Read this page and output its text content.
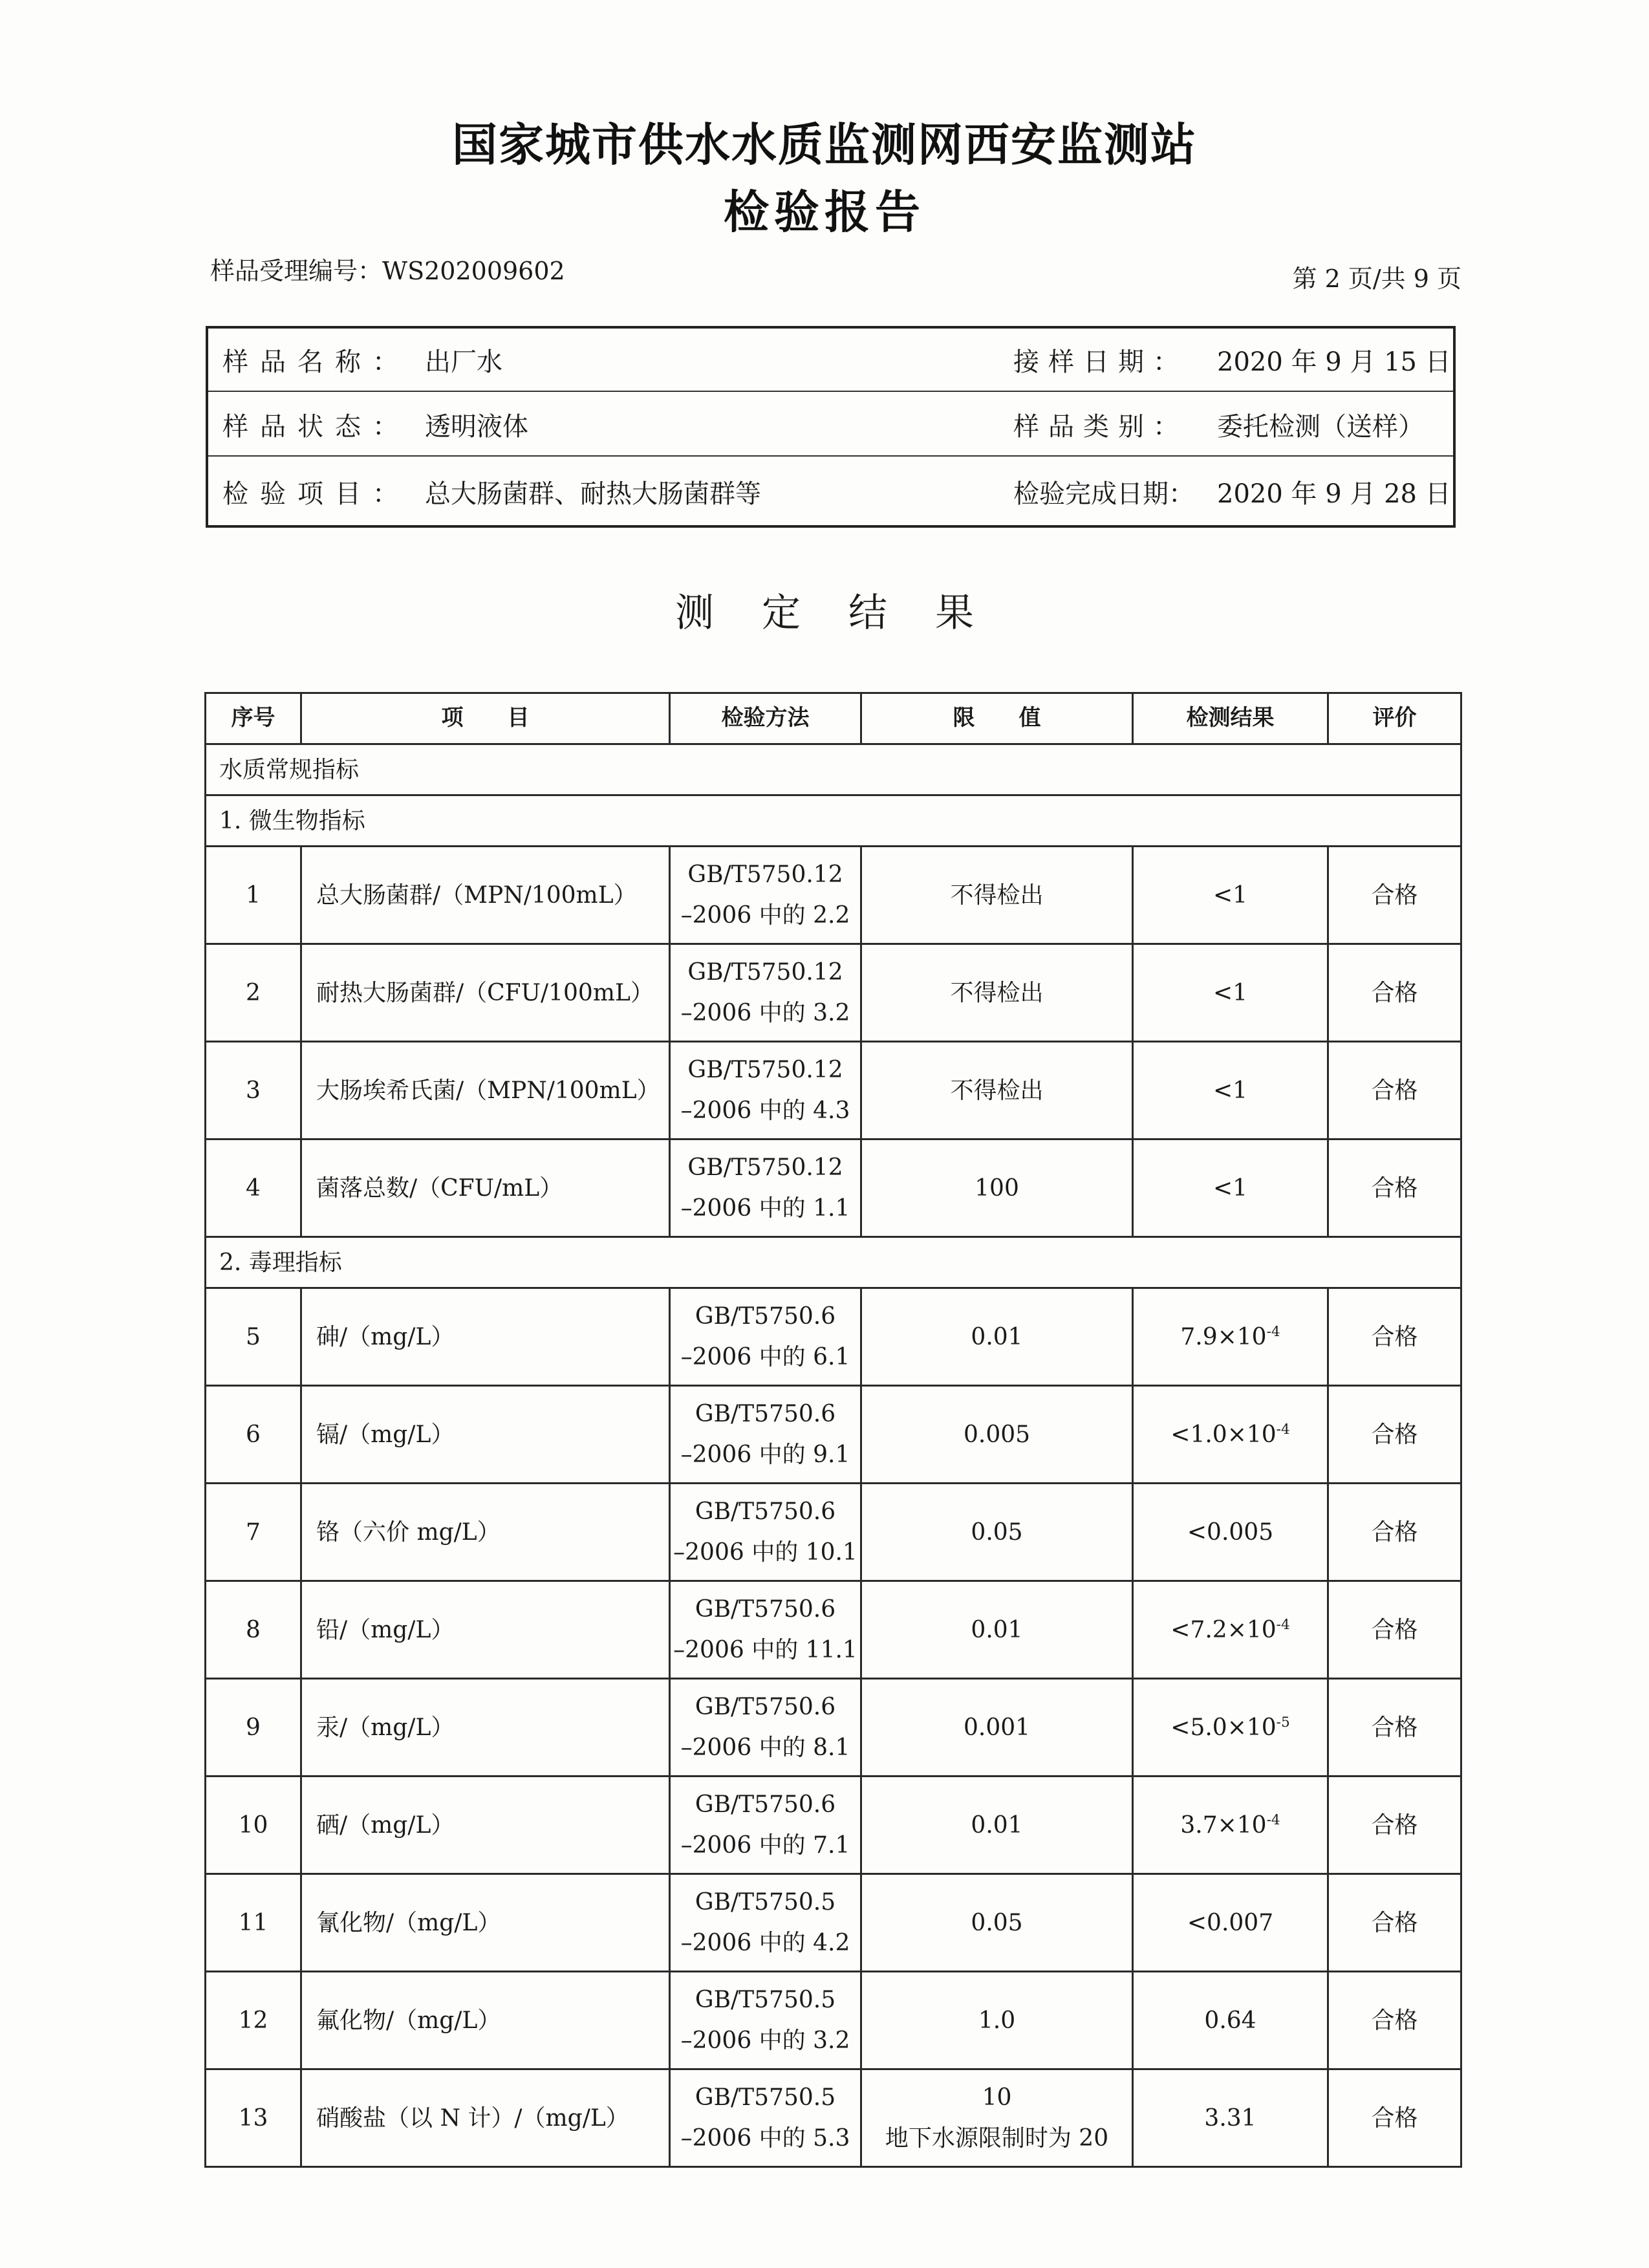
国家城市供水水质监测网西安监测站
检验报告
样品受理编号：WS202009602	第 2 页/共 9 页
样品名称： 出厂水	接样日期： 2020 年 9 月 15 日
样品状态： 透明液体	样品类别： 委托检测（送样）
检验项目： 总大肠菌群、耐热大肠菌群等	检验完成日期： 2020 年 9 月 28 日
测定结果
序号	项　　目	检验方法	限　　值	检测结果	评价
水质常规指标					
1. 微生物指标					
1	总大肠菌群/（MPN/100mL）	GB/T5750.12
–2006 中的 2.2	不得检出	<1	合格
2	耐热大肠菌群/（CFU/100mL）	GB/T5750.12
–2006 中的 3.2	不得检出	<1	合格
3	大肠埃希氏菌/（MPN/100mL）	GB/T5750.12
–2006 中的 4.3	不得检出	<1	合格
4	菌落总数/（CFU/mL）	GB/T5750.12
–2006 中的 1.1	100	<1	合格
2. 毒理指标					
5	砷/（mg/L）	GB/T5750.6
–2006 中的 6.1	0.01	$7.9\times 10^{-4}$	合格
6	镉/（mg/L）	GB/T5750.6
–2006 中的 9.1	0.005	$<1.0\times 10^{-4}$	合格
7	铬（六价 mg/L）	GB/T5750.6
–2006 中的 10.1	0.05	<0.005	合格
8	铅/（mg/L）	GB/T5750.6
–2006 中的 11.1	0.01	$<7.2\times 10^{-4}$	合格
9	汞/（mg/L）	GB/T5750.6
–2006 中的 8.1	0.001	$<5.0\times 10^{-5}$	合格
10	硒/（mg/L）	GB/T5750.6
–2006 中的 7.1	0.01	$3.7\times 10^{-4}$	合格
11	氰化物/（mg/L）	GB/T5750.5
–2006 中的 4.2	0.05	<0.007	合格
12	氟化物/（mg/L）	GB/T5750.5
–2006 中的 3.2	1.0	0.64	合格
13	硝酸盐（以 N 计）/（mg/L）	GB/T5750.5
–2006 中的 5.3	10
地下水源限制时为 20	3.31	合格
